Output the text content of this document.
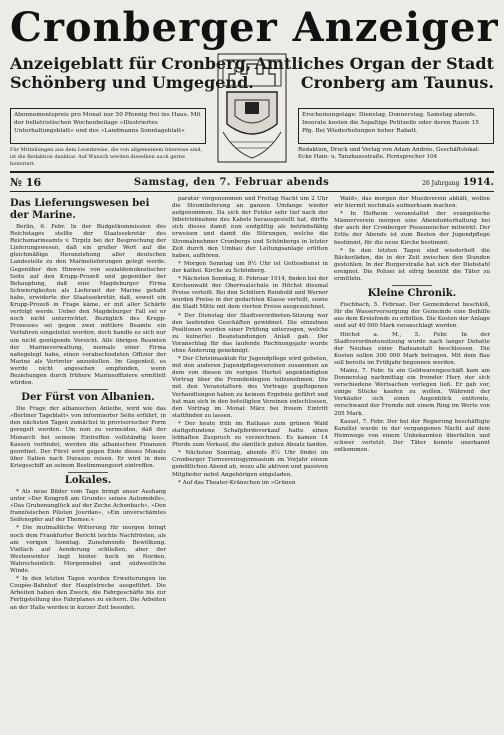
Cronberger Anzeiger
Anzeigeblatt für Cronberg,
Schönberg und Umgegend.
Amtliches Organ der Stadt
Cronberg am Taunus.
Abonnementspreis pro Monat nur 50 Pfennig frei ins Haus. Mit der belletristischen Wochenbeilage »Illustriertes Unterhaltungsblatt« und des »Landmanns Sonntagsblatt«
Erscheinungstage: Dienstag, Donnerstag, Samstag abends. Inserate kosten die 5spaltige Petitzeile oder deren Raum 15 Pfg. Bei Wiederholungen hoher Rabatt.
Für Mitteilungen aus dem Leserkreise, die von allgemeinem Interesse sind, ist die Redaktion dankbar. Auf Wunsch werden dieselben auch gerne honoriert.
Redaktion, Druck und Verlag von Adam Andrée. Geschäftslokal: Ecke Hain- u. Tanzhausstraße. Fernsprecher 104
№ 16	Samstag, den 7. Februar abends	26 Jahrgang 1914.
Das Lieferungswesen bei der Marine.

Berlin, 6. Febr. In der Budgetkommission des Reichstages stellte der Staatssekretär des Reichsmarineamts v. Tirpitz bei der Besprechung der Lieferungswesen, daß ein großer Wert auf die gleichmäßige Heranziehung aller deutschen Landesteile zu den Marinelieferungen gelegt werde. Gegenüber den Hinweis von sozialdemokratischer Seite auf den Krupp-Prozeß und gegenüber der Behauptung, daß eine Magdeburger Firma Schwierigkeiten als Lieferant der Marine gehabt habe, erwiderte der Staatssekretär, daß, soweit ein Krupp-Prozeß in Frage käme, er mit aller Schärfe verfolgt werde. Ueber den Magdeburger Fall sei er noch nicht unterrichtet. Bezüglich des Krupp-Prozesses sei gegen zwei mittlere Beamte ein Verfahren eingeleitet worden; doch handle es sich nur um nicht genügende Vorsicht. Alle übrigen Beamten der Marineverwaltung, niemals einer Firma nahegelegt habe, einen verabschiedeten Offizier der Marine als Vertreter anzustellen. Im Gegenteil, es werde nicht angesehen empfunden, wenn Beziehungen durch frühere Marineoffiziere ermittelt würden.

Der Fürst von Albanien.

Die Frage der albanischen Anleihe, wird wie das »Berliner Tageblatt« von informierter Seite erfährt, in den nächsten Tagen zumächst in provisorischer Form geregelt werden. Um nun zu vermeiden, daß der Monarch bei seinem Eintreffen vollständig leere Kassen vorfindet, werden die albanischen Finanzen geordnet. Der Fürst wird gegen Ende dieses Monats über Italien nach Durazzo reisen. Er wird in dem Kriegsschiff an seinem Bestimmungsort eintreffen.

Lokales.

* Als neue Bilder vom Tage bringt unser Aushang unter »Der Kongreß am Grunde« seines Automobils«, »Das Grubenunglück auf der Zeche Achenbach«, »Den französischen Piloten Jourdan«, »Ein unverschämtes Seifenopfer auf der Themse.«

* Die mutmaßliche Witterung für morgen bringt noch dem Frankfurter Bericht leichte Nachfrösten, als am vorigen Sonntag. Zunehmende Bewölkung. Vielfach auf Aenderung schließen, aber der Westenwinter liegt bisher hoch im Norden. Wahrscheinlich: Morgennebel und südwestliche Winde.

* In den letzten Tagen wurden Erweiterungen im Coupée-Bahnhof der Hauptstrecke ausgeführt. Die Arbeiten haben den Zweck, die Fahrgeschäfte bis zur Fertigstellung des Fahrplanes zu sichern. Die Arbeiten an der Halle werden in kurzer Zeit beendet.

paratur vorgenommen und Freitag Nacht um 2 Uhr die Stromlieferung an ganzen Umfange wieder aufgenommen. Da sich der Fehler sehr tief nach der Inbetriebnahme des Kabels herausgestellt hat, dürfte sich dieses damit nun endgültig als betriebsfähig erweisen und damit die Störungen, welche die Stromabnehmer Cronbergs und Schönbergs in letzter Zeit durch den Umbau der Leitungsanlage erlitten haben, aufhören.

* Morgen Sonntag um 9½ Uhr ist Gottesdienst in der kathol. Kirche zu Schönberg.

* Nächsten Sonntag, 8. Februar 1914, finden bei der Kirchenwahl der Oberrealschule in Höchst diesmal Preise verteilt. Bei den Schülern Reinhold und Werner wurden Preise in der gedachten Klasse verteilt, sowie die Stadt Mitte mit dem vierten Preise ausgezeichnet.

* Der Dienstag der Stadtverordneten-Sitzung war den laufenden Geschäften gewidmet. Die einzelnen Positionen wurden einer Prüfung unterzogen, welche zu keinerlei Beanstandungen Anlaß gab. Der Voranschlag für das laufende Rechnungsjahr wurde ohne Änderung genehmigt.

* Der Christmasklub für Jugendpflege wird gebeten, mit den anderen Jugendpflegevereinen zusammen an dem von diesen im vorigen Herbst angekündigten Vortrag über die Fremdenlegion teilzunehmen. Die mit den Veranstaltern des Vortrags gepflogenen Verhandlungen haben zu keinem Ergebnis geführt und hat man sich in den beteiligten Vereinen entschlossen, den Vortrag im Monat März bei freiem Eintritt stattfinden zu lassen.

* Der heute früh im Rathaus zum grünen Wald stattgefundene Schafpferdeverkauf hatte einen lebhaften Zuspruch zu verzeichnen. Es kamen 14 Pferde zum Verkauf, die sämtlich guten Absatz fanden.

* Nächsten Sonntag, abends 8½ Uhr findet im Cronberger Turnvereinsgymnasium im Vorjahr einem gemütlichen Abend ab, wozu alle aktiven und passiven Mitglieder nebst Angehörigen eingeladen.

* Auf das Theater-Kränzchen im »Grünen

Wald«, das morgen der Musikverein abhält, wollen wir hiermit nochmals aufmerksam machen.

* In Hofheim veranstaltet der evangelische Männerverein morgen eine Abendunterhaltung bei der auch der Cronberger Posaunenchor mitwirkt. Der Erlös der Abends ist zum Besten der Jugendpflege bestimmt, für die neue Kirche bestimmt.

* In den letzten Tagen sind wiederholt die Bäckerläden, die in der Zeit zwischen den Stunden gestohlen. In der Burgerstraße hat sich der Diebstahl ereignet. Die Polizei ist eifrig bemüht die Täter zu ermitteln.

Kleine Chronik.

Fischbach, 5. Februar. Der Gemeinderat beschloß, für die Wasserversorgung der Gemeinde eine Beihilfe aus dem Kreisfonds zu erbitten. Die Kosten der Anlage sind auf 40 000 Mark veranschlagt worden.

Höchst a. M., 5. Febr. In der Stadtverordnetensitzung wurde nach langer Debatte der Neubau einer Badeanstalt beschlossen. Die Kosten sollen 300 000 Mark betragen. Mit dem Bau soll bereits im Frühjahr begonnen werden.

Mainz, 7. Febr. In ein Goldwarengeschäft kam am Donnerstag nachmittag ein fremder Herr, der sich verschiedene Wertsachen vorlegen ließ. Er gab vor, einige Stücke kaufen zu wollen. Während der Verkäufer sich einen Augenblick entfernte, verschwand der Fremde mit einem Ring im Werte von 205 Mark.

Kassel, 7. Febr. Der bei der Regierung beschäftigte Kanzlist wurde in der vergangenen Nacht auf dem Heimwege von einem Unbekannten überfallen und schwer verletzt. Der Täter konnte unerkannt entkommen.
